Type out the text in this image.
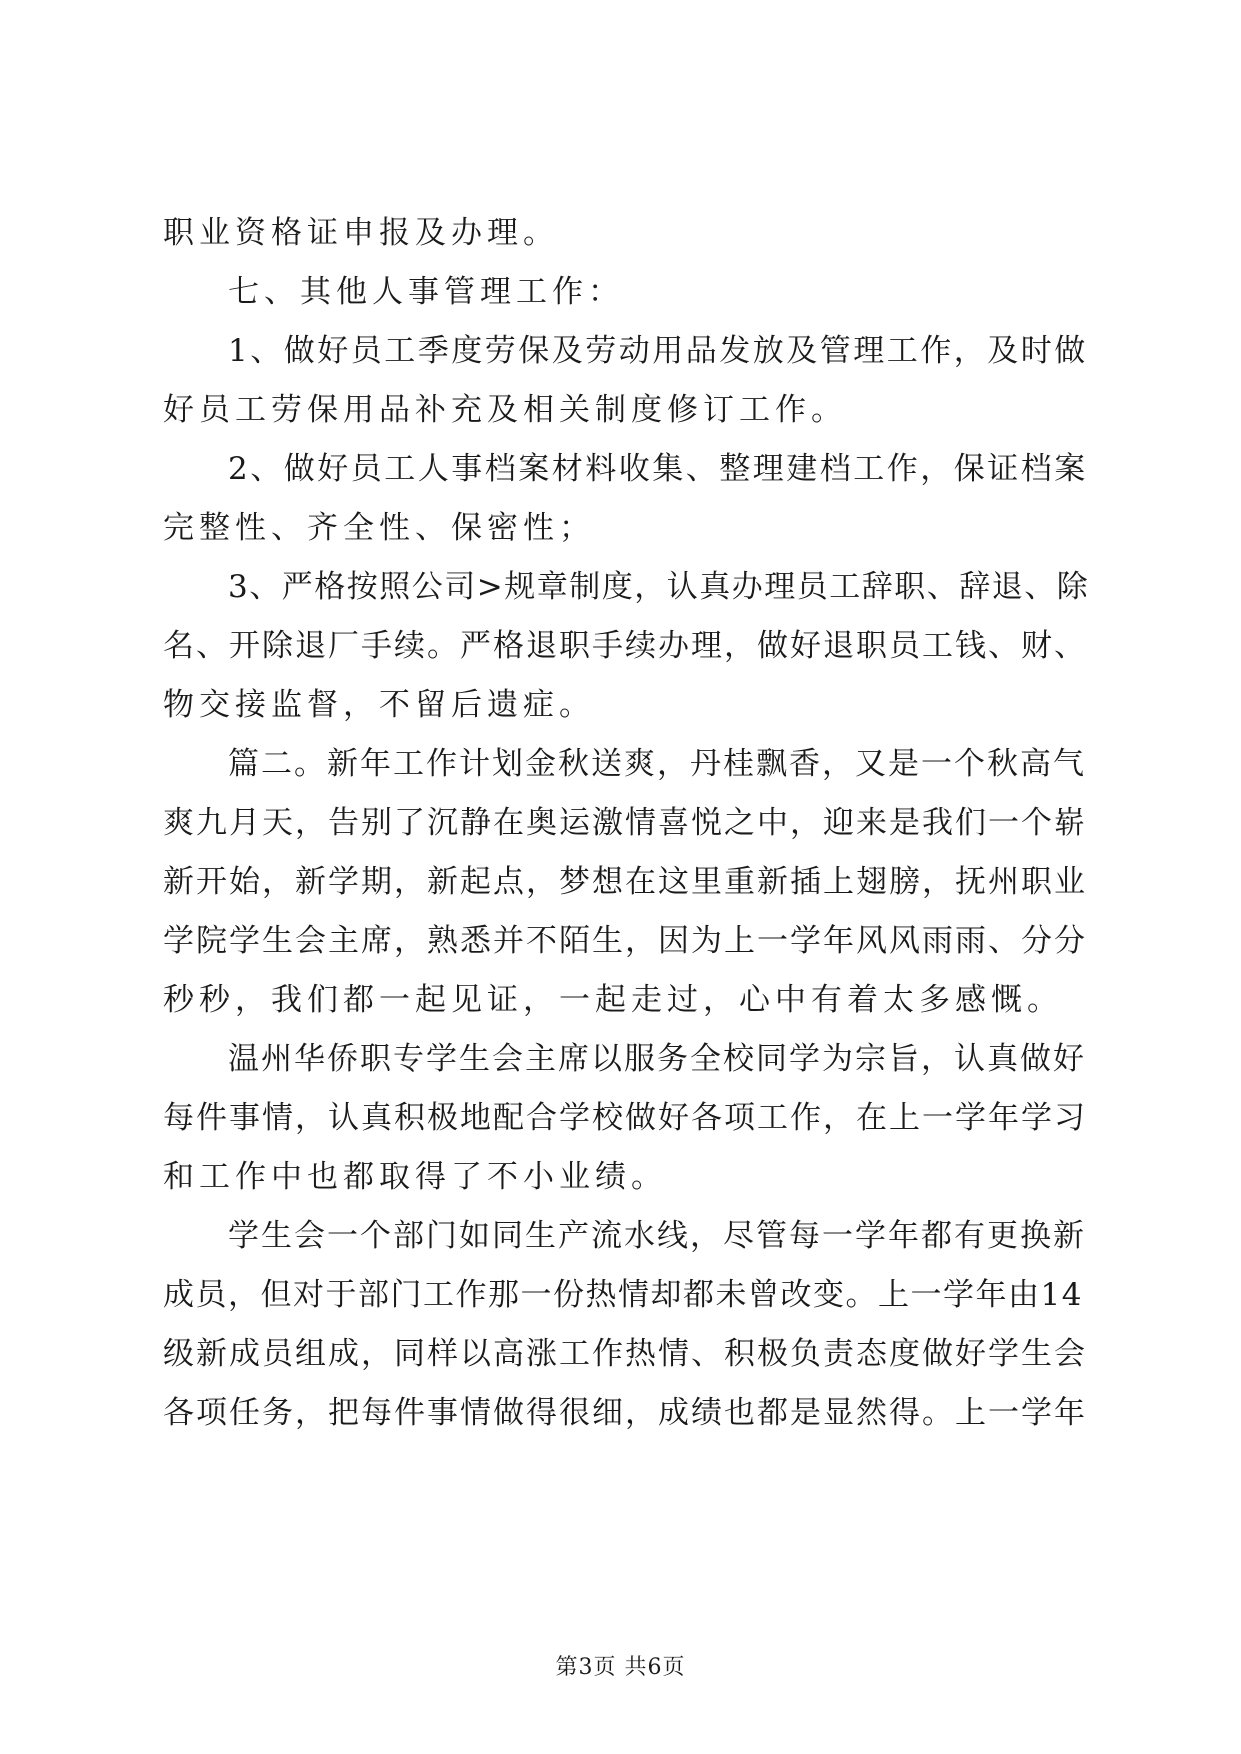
职业资格证申报及办理。
七、其他人事管理工作：
1、做好员工季度劳保及劳动用品发放及管理工作，及时做
好员工劳保用品补充及相关制度修订工作。
2、做好员工人事档案材料收集、整理建档工作，保证档案
完整性、齐全性、保密性；
3、严格按照公司>规章制度，认真办理员工辞职、辞退、除
名、开除退厂手续。严格退职手续办理，做好退职员工钱、财、
物交接监督，不留后遗症。
篇二。新年工作计划金秋送爽，丹桂飘香，又是一个秋高气
爽九月天，告别了沉静在奥运激情喜悦之中，迎来是我们一个崭
新开始，新学期，新起点，梦想在这里重新插上翅膀，抚州职业
学院学生会主席，熟悉并不陌生，因为上一学年风风雨雨、分分
秒秒，我们都一起见证，一起走过，心中有着太多感慨。
温州华侨职专学生会主席以服务全校同学为宗旨，认真做好
每件事情，认真积极地配合学校做好各项工作，在上一学年学习
和工作中也都取得了不小业绩。
学生会一个部门如同生产流水线，尽管每一学年都有更换新
成员，但对于部门工作那一份热情却都未曾改变。上一学年由14
级新成员组成，同样以高涨工作热情、积极负责态度做好学生会
各项任务，把每件事情做得很细，成绩也都是显然得。上一学年
第3页 共6页
